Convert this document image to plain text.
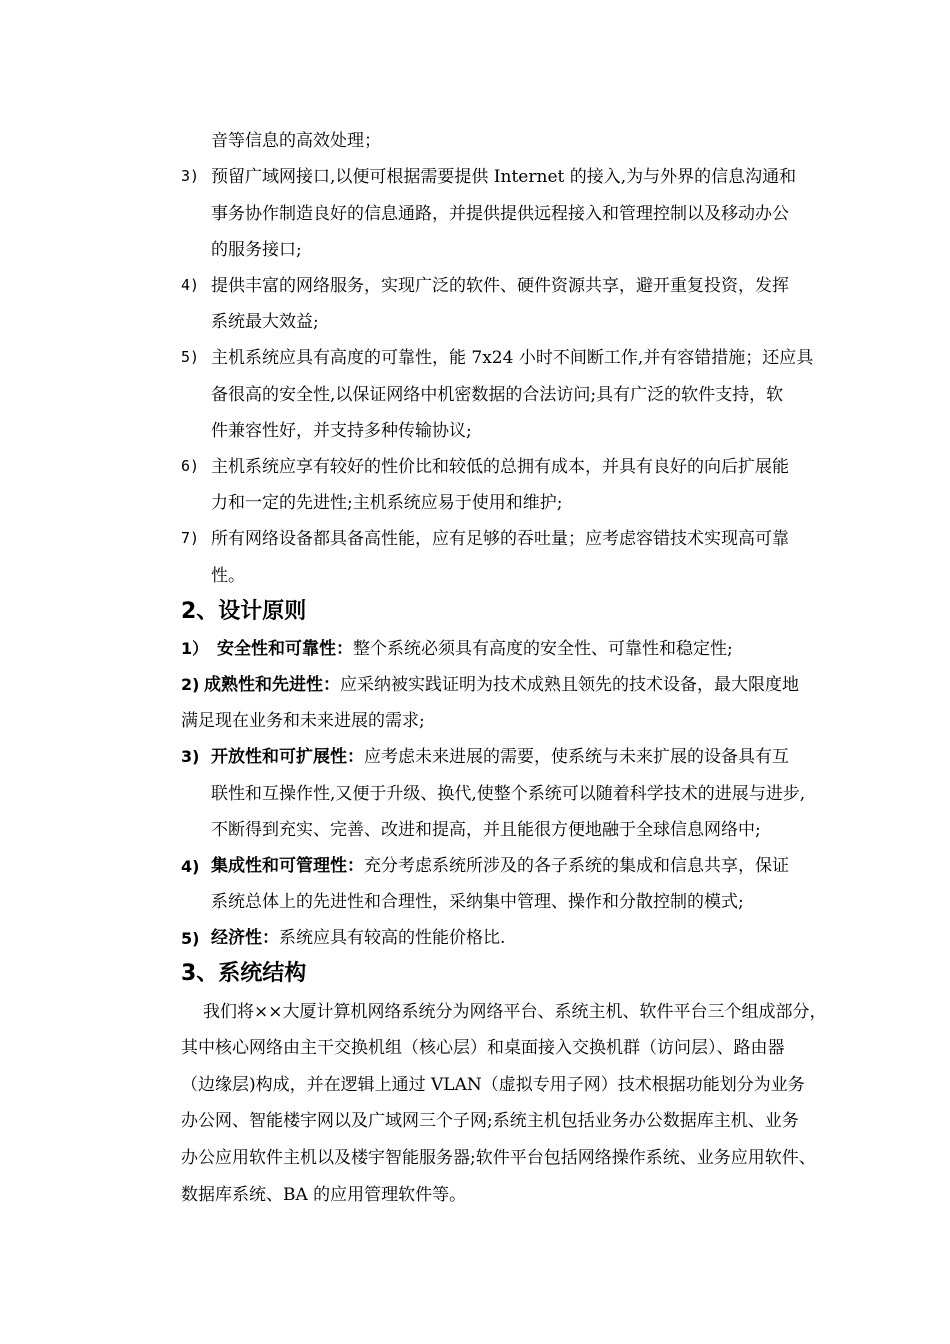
音等信息的高效处理；
3) 预留广域网接口,以便可根据需要提供 Internet 的接入,为与外界的信息沟通和
事务协作制造良好的信息通路，并提供提供远程接入和管理控制以及移动办公
的服务接口;
4) 提供丰富的网络服务，实现广泛的软件、硬件资源共享，避开重复投资，发挥
系统最大效益;
5) 主机系统应具有高度的可靠性，能 7x24 小时不间断工作,并有容错措施；还应具
备很高的安全性,以保证网络中机密数据的合法访问;具有广泛的软件支持，软
件兼容性好，并支持多种传输协议;
6) 主机系统应享有较好的性价比和较低的总拥有成本，并具有良好的向后扩展能
力和一定的先进性;主机系统应易于使用和维护;
7) 所有网络设备都具备高性能，应有足够的吞吐量；应考虑容错技术实现高可靠
性。
2、设计原则
1） 安全性和可靠性：整个系统必须具有高度的安全性、可靠性和稳定性;
2) 成熟性和先进性：应采纳被实践证明为技术成熟且领先的技术设备，最大限度地
满足现在业务和未来进展的需求;
3) 开放性和可扩展性：应考虑未来进展的需要，使系统与未来扩展的设备具有互
联性和互操作性,又便于升级、换代,使整个系统可以随着科学技术的进展与进步,
不断得到充实、完善、改进和提高，并且能很方便地融于全球信息网络中;
4) 集成性和可管理性：充分考虑系统所涉及的各子系统的集成和信息共享，保证
系统总体上的先进性和合理性，采纳集中管理、操作和分散控制的模式;
5) 经济性：系统应具有较高的性能价格比.
3、系统结构
我们将××大厦计算机网络系统分为网络平台、系统主机、软件平台三个组成部分，
其中核心网络由主干交换机组（核心层）和桌面接入交换机群（访问层）、路由器
（边缘层)构成，并在逻辑上通过 VLAN（虚拟专用子网）技术根据功能划分为业务
办公网、智能楼宇网以及广域网三个子网;系统主机包括业务办公数据库主机、业务
办公应用软件主机以及楼宇智能服务器;软件平台包括网络操作系统、业务应用软件、
数据库系统、BA 的应用管理软件等。
